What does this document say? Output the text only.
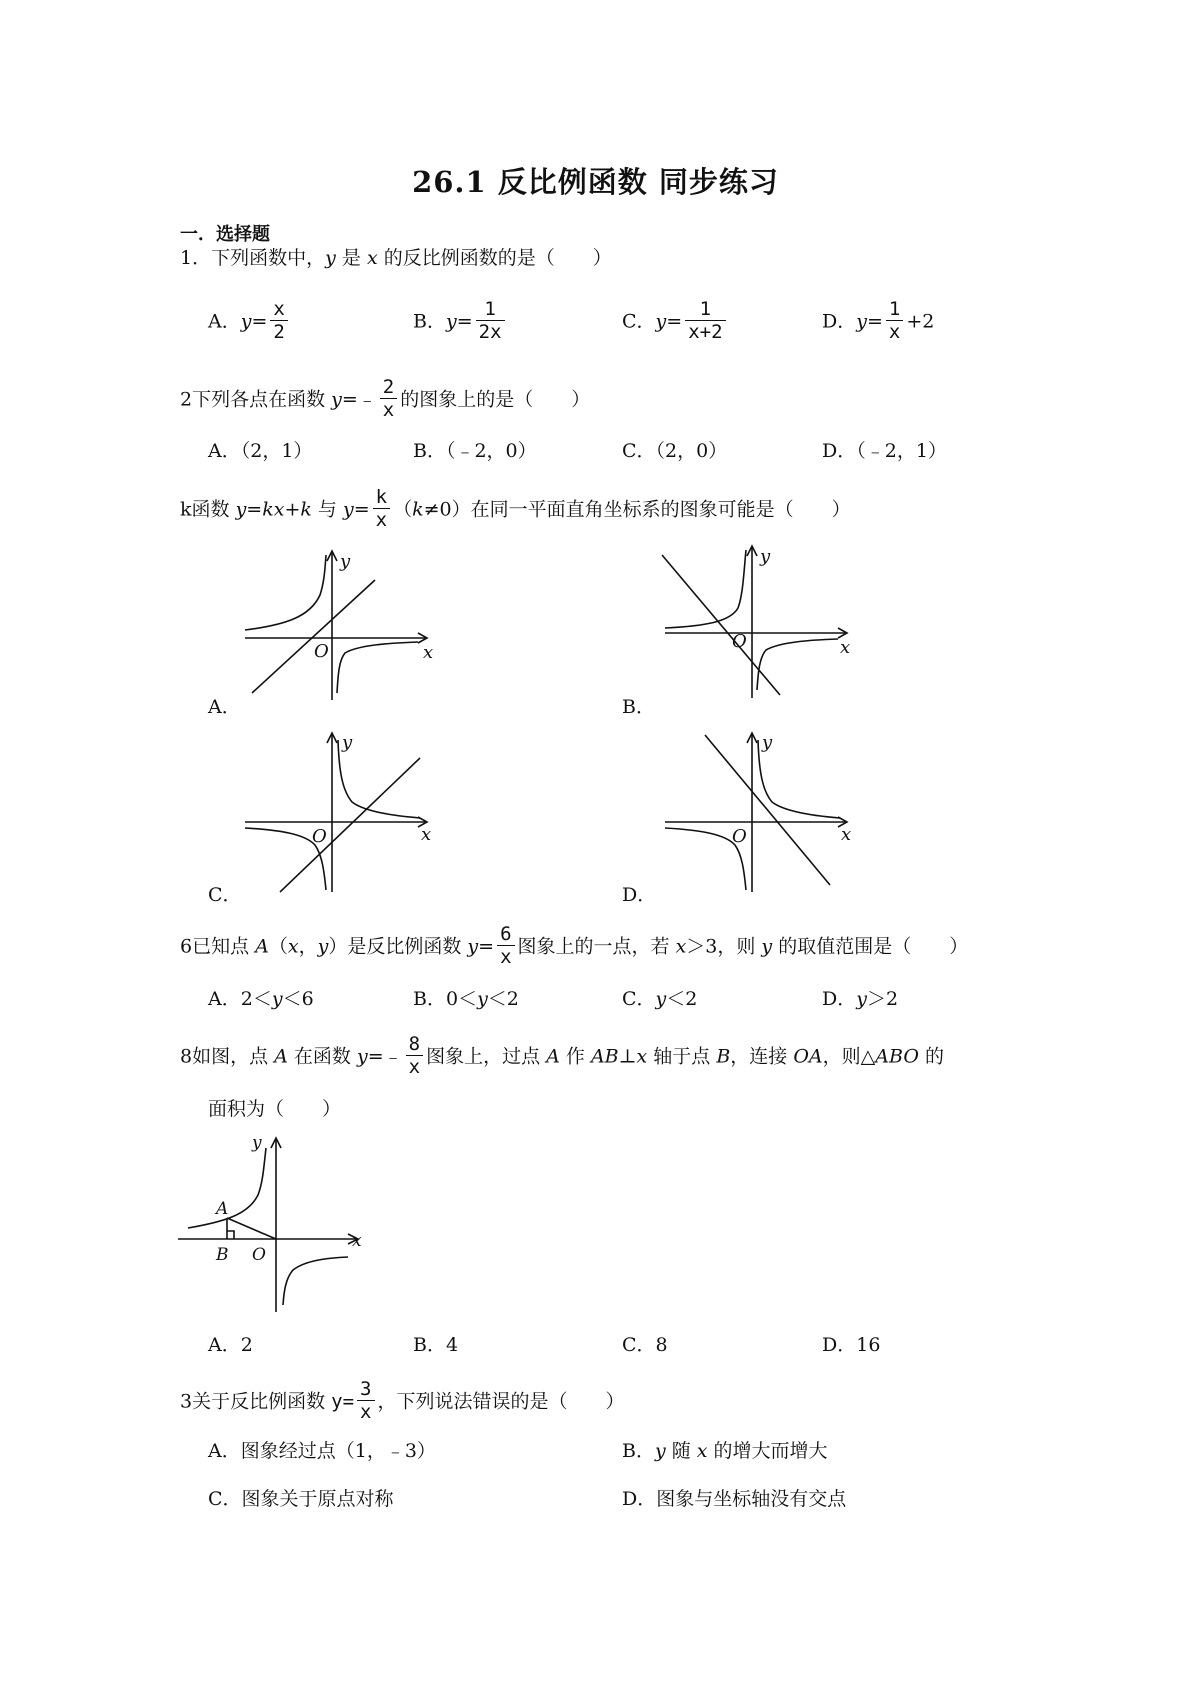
26.1 反比例函数 同步练习
一．选择题
1．下列函数中，y 是 x 的反比例函数的是（　　）
A．$y= \frac{x}{2}$	B．$y= \frac{1}{2x}$	C．$y= \frac{1}{x+2}$	D．$y= \frac{1}{x} +2$
2下列各点在函数 y=﹣ $\frac{2}{x}$ 的图象上的是（　　）
A．（2，1）	B．（﹣2，0）	C．（2，0）	D．（﹣2，1）
k函数 y=kx+k 与 $y= \frac{k}{x} (k\ne 0)$在同一平面直角坐标系的图象可能是（　　）
O	x
y
A．
O	x
y
B．
O	x
y
C．
O	x
y
D．
6已知点 A（x，y）是反比例函数 $y= \frac{6}{x}$ 图象上的一点，若 x＞3，则 y 的取值范围是（　　）
A．2＜y＜6	B．0＜y＜2	C．y＜2	D．y＞2
8如图，点 A 在函数 y=﹣ $\frac{8}{x}$ 图象上，过点 A 作 AB⊥x 轴于点 B，连接 OA，则△ABO 的
面积为（　　）
A
B O
x
y
A．2	B．4	C．8	D．16
3关于反比例函数 $y= \frac{3}{x}$ ，下列说法错误的是（　　）
A．图象经过点（1，﹣3）	B．y 随 x 的增大而增大
C．图象关于原点对称	D．图象与坐标轴没有交点
